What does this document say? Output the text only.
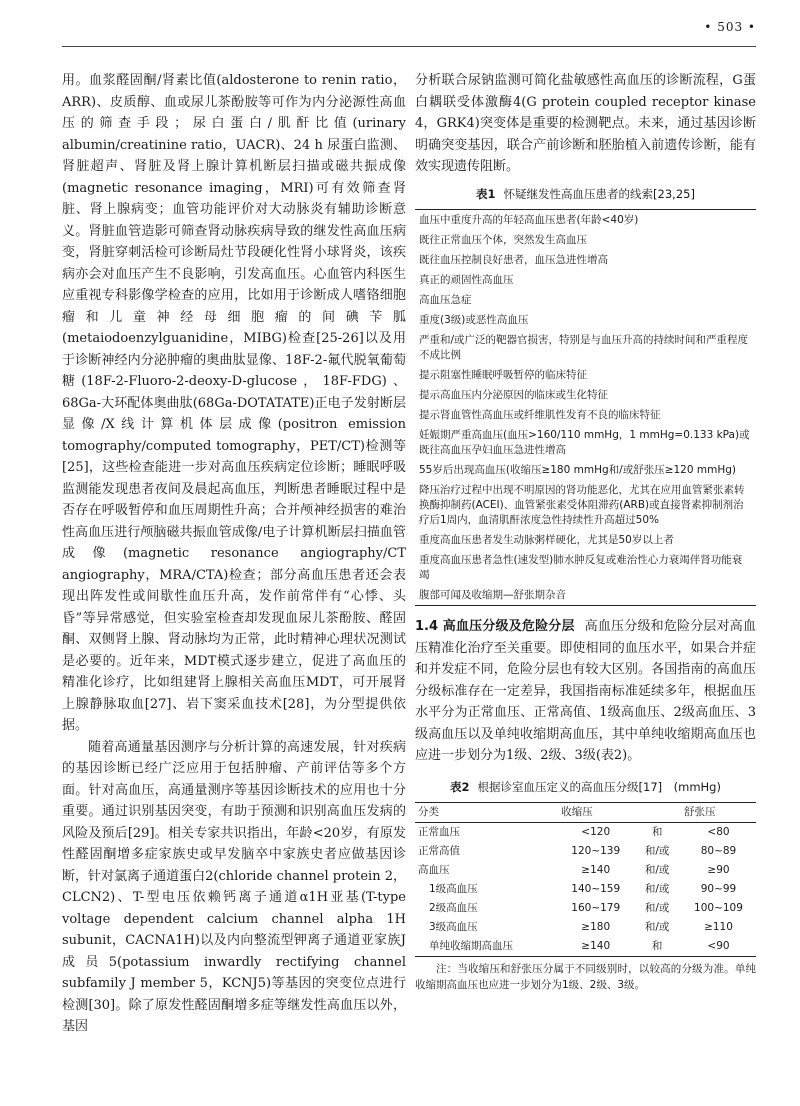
• 503 •

用。血浆醛固酮/肾素比值(aldosterone to renin ratio，ARR)、皮质醇、血或尿儿茶酚胺等可作为内分泌源性高血压的筛查手段；尿白蛋白/肌酐比值(urinary albumin/creatinine ratio，UACR)、24 h 尿蛋白监测、肾脏超声、肾脏及肾上腺计算机断层扫描或磁共振成像(magnetic resonance imaging，MRI)可有效筛查肾脏、肾上腺病变；血管功能评价对大动脉炎有辅助诊断意义。肾脏血管造影可筛查肾动脉疾病导致的继发性高血压病变，肾脏穿刺活检可诊断局灶节段硬化性肾小球肾炎，该疾病亦会对血压产生不良影响，引发高血压。心血管内科医生应重视专科影像学检查的应用，比如用于诊断成人嗜铬细胞瘤和儿童神经母细胞瘤的间碘苄胍(metaiodoenzylguanidine，MIBG)检查[25-26]以及用于诊断神经内分泌肿瘤的奥曲肽显像、18F-2-氟代脱氧葡萄糖(18F-2-Fluoro-2-deoxy-D-glucose，18F-FDG)、68Ga-大环配体奥曲肽(68Ga-DOTATATE)正电子发射断层显像/X线计算机体层成像(positron emission tomography/computed tomography，PET/CT)检测等[25]，这些检查能进一步对高血压疾病定位诊断；睡眠呼吸监测能发现患者夜间及晨起高血压，判断患者睡眠过程中是否存在呼吸暂停和血压周期性升高；合并颅神经损害的难治性高血压进行颅脑磁共振血管成像/电子计算机断层扫描血管成像(magnetic resonance angiography/CT angiography，MRA/CTA)检查；部分高血压患者还会表现出阵发性或间歇性血压升高，发作前常伴有“心悸、头昏”等异常感觉，但实验室检查却发现血尿儿茶酚胺、醛固酮、双侧肾上腺、肾动脉均为正常，此时精神心理状况测试是必要的。近年来，MDT模式逐步建立，促进了高血压的精准化诊疗，比如组建肾上腺相关高血压MDT，可开展肾上腺静脉取血[27]、岩下窦采血技术[28]，为分型提供依据。

随着高通量基因测序与分析计算的高速发展，针对疾病的基因诊断已经广泛应用于包括肿瘤、产前评估等多个方面。针对高血压，高通量测序等基因诊断技术的应用也十分重要。通过识别基因突变，有助于预测和识别高血压发病的风险及预后[29]。相关专家共识指出，年龄<20岁，有原发性醛固酮增多症家族史或早发脑卒中家族史者应做基因诊断，针对氯离子通道蛋白2(chloride channel protein 2，CLCN2)、T-型电压依赖钙离子通道α1H亚基(T-type voltage dependent calcium channel alpha 1H subunit，CACNA1H)以及内向整流型钾离子通道亚家族J成员5(potassium inwardly rectifying channel subfamily J member 5，KCNJ5)等基因的突变位点进行检测[30]。除了原发性醛固酮增多症等继发性高血压以外，基因

分析联合尿钠监测可简化盐敏感性高血压的诊断流程，G蛋白耦联受体激酶4(G protein coupled receptor kinase 4，GRK4)突变体是重要的检测靶点。未来，通过基因诊断明确突变基因，联合产前诊断和胚胎植入前遗传诊断，能有效实现遗传阻断。

表1 怀疑继发性高血压患者的线索[23,25]
血压中重度升高的年轻高血压患者(年龄<40岁)
既往正常血压个体，突然发生高血压
既往血压控制良好患者，血压急进性增高
真正的顽固性高血压
高血压急症
重度(3级)或恶性高血压
严重和/或广泛的靶器官损害，特别是与血压升高的持续时间和严重程度不成比例
提示阻塞性睡眠呼吸暂停的临床特征
提示高血压内分泌原因的临床或生化特征
提示肾血管性高血压或纤维肌性发育不良的临床特征
妊娠期严重高血压(血压>160/110 mmHg，1 mmHg=0.133 kPa)或既往高血压孕妇血压急进性增高
55岁后出现高血压(收缩压≥180 mmHg和/或舒张压≥120 mmHg)
降压治疗过程中出现不明原因的肾功能恶化，尤其在应用血管紧张素转换酶抑制药(ACEI)、血管紧张素受体阻滞药(ARB)或直接肾素抑制剂治疗后1周内，血清肌酐浓度急性持续性升高超过50%
重度高血压患者发生动脉粥样硬化，尤其是50岁以上者
重度高血压患者急性(速发型)肺水肿反复或难治性心力衰竭伴肾功能衰竭
腹部可闻及收缩期—舒张期杂音

1.4 高血压分级及危险分层 高血压分级和危险分层对高血压精准化治疗至关重要。即使相同的血压水平，如果合并症和并发症不同，危险分层也有较大区别。各国指南的高血压分级标准存在一定差异，我国指南标准延续多年，根据血压水平分为正常血压、正常高值、1级高血压、2级高血压、3级高血压以及单纯收缩期高血压，其中单纯收缩期高血压也应进一步划分为1级、2级、3级(表2)。

表2 根据诊室血压定义的高血压分级[17]　(mmHg)
分类	收缩压		舒张压
正常血压	<120	和	<80
正常高值	120~139	和/或	80~89
高血压	≥140	和/或	≥90
1级高血压	140~159	和/或	90~99
2级高血压	160~179	和/或	100~109
3级高血压	≥180	和/或	≥110
单纯收缩期高血压	≥140	和	<90
注：当收缩压和舒张压分属于不同级别时，以较高的分级为准。单纯收缩期高血压也应进一步划分为1级、2级、3级。
